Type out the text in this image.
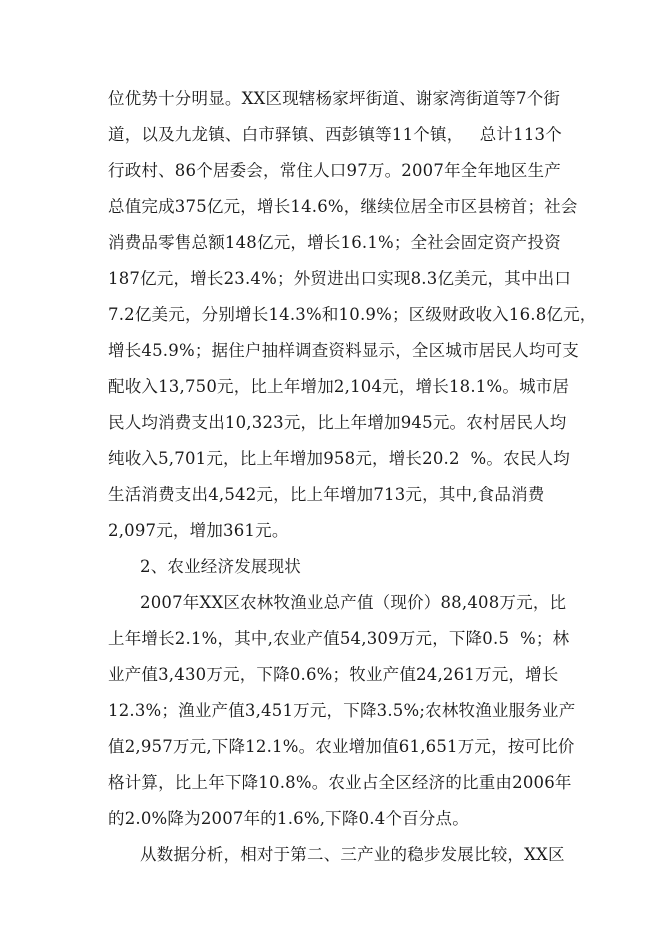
位优势十分明显。XX区现辖杨家坪街道、谢家湾街道等7个街
道，以及九龙镇、白市驿镇、西彭镇等11个镇，   总计113个
行政村、86个居委会，常住人口97万。2007年全年地区生产
总值完成375亿元，增长14.6%，继续位居全市区县榜首；社会
消费品零售总额148亿元，增长16.1%；全社会固定资产投资
187亿元，增长23.4%；外贸进出口实现8.3亿美元，其中出口
7.2亿美元，分别增长14.3%和10.9%；区级财政收入16.8亿元，
增长45.9%；据住户抽样调查资料显示，全区城市居民人均可支
配收入13,750元，比上年增加2,104元，增长18.1%。城市居
民人均消费支出10,323元，比上年增加945元。农村居民人均
纯收入5,701元，比上年增加958元，增长20.2  %。农民人均
生活消费支出4,542元，比上年增加713元，其中,食品消费
2,097元，增加361元。
2、农业经济发展现状
2007年XX区农林牧渔业总产值（现价）88,408万元，比
上年增长2.1%，其中,农业产值54,309万元，下降0.5  %；林
业产值3,430万元，下降0.6%；牧业产值24,261万元，增长
12.3%；渔业产值3,451万元，下降3.5%;农林牧渔业服务业产
值2,957万元,下降12.1%。农业增加值61,651万元，按可比价
格计算，比上年下降10.8%。农业占全区经济的比重由2006年
的2.0%降为2007年的1.6%,下降0.4个百分点。
从数据分析，相对于第二、三产业的稳步发展比较，XX区
